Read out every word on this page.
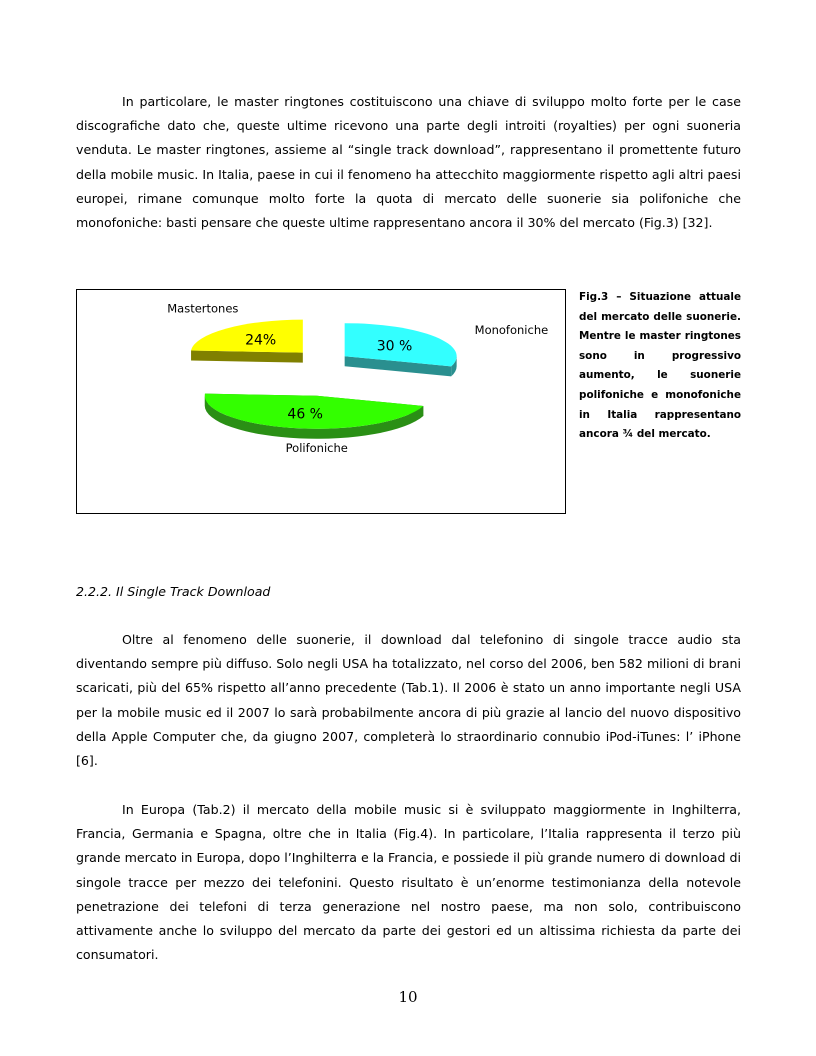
In particolare, le master ringtones costituiscono una chiave di sviluppo molto forte per le case discografiche dato che, queste ultime ricevono una parte degli introiti (royalties) per ogni suoneria venduta. Le master ringtones, assieme al “single track download”, rappresentano il promettente futuro della mobile music. In Italia, paese in cui il fenomeno ha attecchito maggiormente rispetto agli altri paesi europei, rimane comunque molto forte la quota di mercato delle suonerie sia polifoniche che monofoniche: basti pensare che queste ultime rappresentano ancora il 30% del mercato (Fig.3) [32].

30 %
Monofoniche
46 %
Polifoniche
24%
Mastertones

Fig.3 – Situazione attuale del mercato delle suonerie. Mentre le master ringtones sono in progressivo aumento, le suonerie polifoniche e monofoniche in Italia rappresentano ancora ¾ del mercato.

2.2.2. Il Single Track Download

Oltre al fenomeno delle suonerie, il download dal telefonino di singole tracce audio sta diventando sempre più diffuso. Solo negli USA ha totalizzato, nel corso del 2006, ben 582 milioni di brani scaricati, più del 65% rispetto all’anno precedente (Tab.1). Il 2006 è stato un anno importante negli USA per la mobile music ed il 2007 lo sarà probabilmente ancora di più grazie al lancio del nuovo dispositivo della Apple Computer che, da giugno 2007, completerà lo straordinario connubio iPod-iTunes: l’ iPhone [6].

In Europa (Tab.2) il mercato della mobile music si è sviluppato maggiormente in Inghilterra, Francia, Germania e Spagna, oltre che in Italia (Fig.4). In particolare, l’Italia rappresenta il terzo più grande mercato in Europa, dopo l’Inghilterra e la Francia, e possiede il più grande numero di download di singole tracce per mezzo dei telefonini. Questo risultato è un’enorme testimonianza della notevole penetrazione dei telefoni di terza generazione nel nostro paese, ma non solo, contribuiscono attivamente anche lo sviluppo del mercato da parte dei gestori ed un altissima richiesta da parte dei consumatori.

10
